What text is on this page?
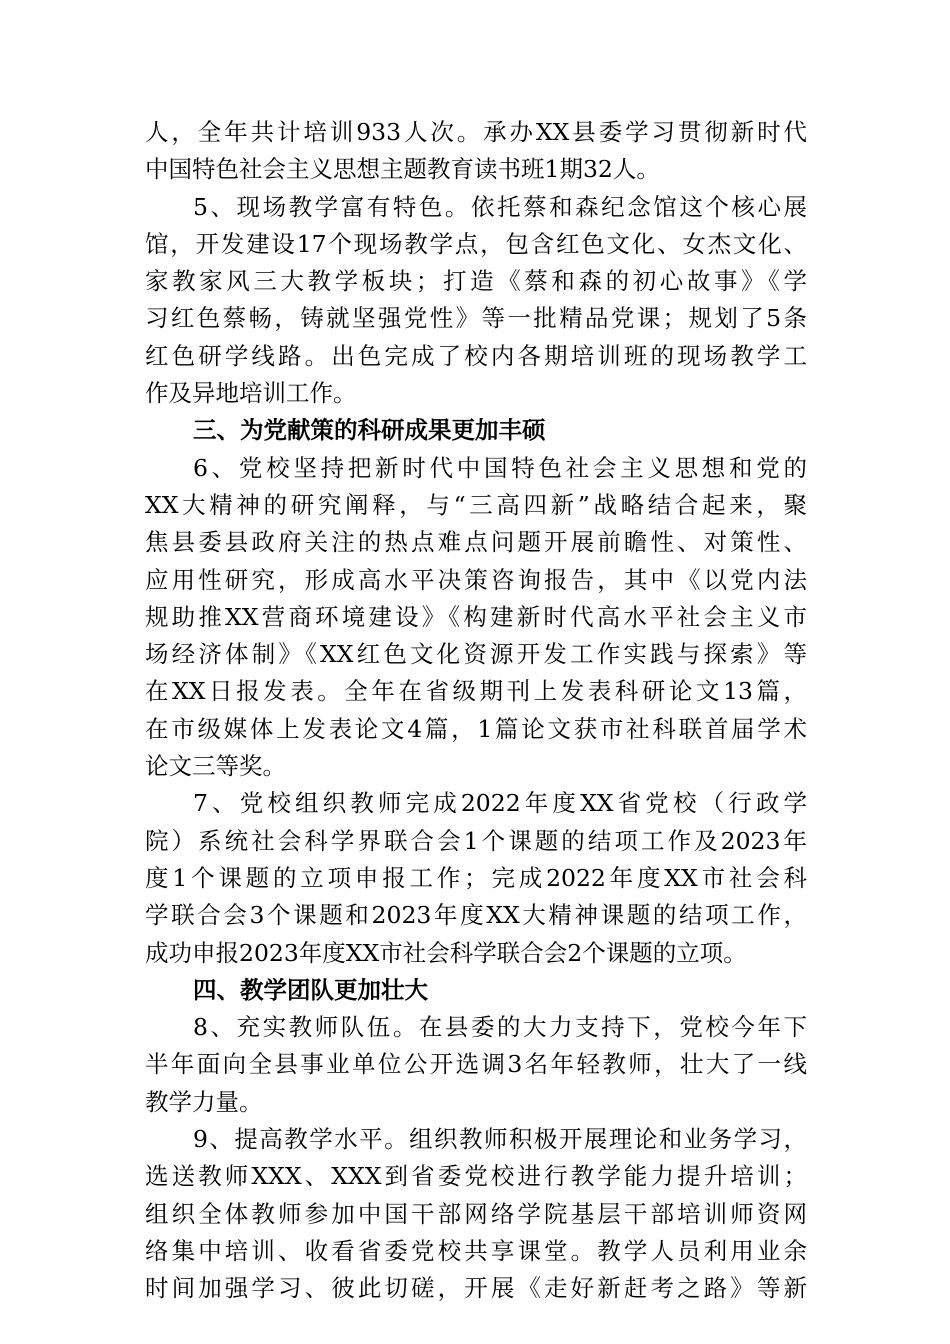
人，全年共计培训933人次。承办XX县委学习贯彻新时代
中国特色社会主义思想主题教育读书班1期32人。
5、现场教学富有特色。依托蔡和森纪念馆这个核心展
馆，开发建设17个现场教学点，包含红色文化、女杰文化、
家教家风三大教学板块；打造《蔡和森的初心故事》《学
习红色蔡畅，铸就坚强党性》等一批精品党课；规划了5条
红色研学线路。出色完成了校内各期培训班的现场教学工
作及异地培训工作。
三、为党献策的科研成果更加丰硕
6、党校坚持把新时代中国特色社会主义思想和党的
XX大精神的研究阐释，与“三高四新”战略结合起来，聚
焦县委县政府关注的热点难点问题开展前瞻性、对策性、
应用性研究，形成高水平决策咨询报告，其中《以党内法
规助推XX营商环境建设》《构建新时代高水平社会主义市
场经济体制》《XX红色文化资源开发工作实践与探索》等
在XX日报发表。全年在省级期刊上发表科研论文13篇，
在市级媒体上发表论文4篇，1篇论文获市社科联首届学术
论文三等奖。
7、党校组织教师完成2022年度XX省党校（行政学
院）系统社会科学界联合会1个课题的结项工作及2023年
度1个课题的立项申报工作；完成2022年度XX市社会科
学联合会3个课题和2023年度XX大精神课题的结项工作，
成功申报2023年度XX市社会科学联合会2个课题的立项。
四、教学团队更加壮大
8、充实教师队伍。在县委的大力支持下，党校今年下
半年面向全县事业单位公开选调3名年轻教师，壮大了一线
教学力量。
9、提高教学水平。组织教师积极开展理论和业务学习，
选送教师XXX、XXX到省委党校进行教学能力提升培训；
组织全体教师参加中国干部网络学院基层干部培训师资网
络集中培训、收看省委党校共享课堂。教学人员利用业余
时间加强学习、彼此切磋，开展《走好新赶考之路》等新
